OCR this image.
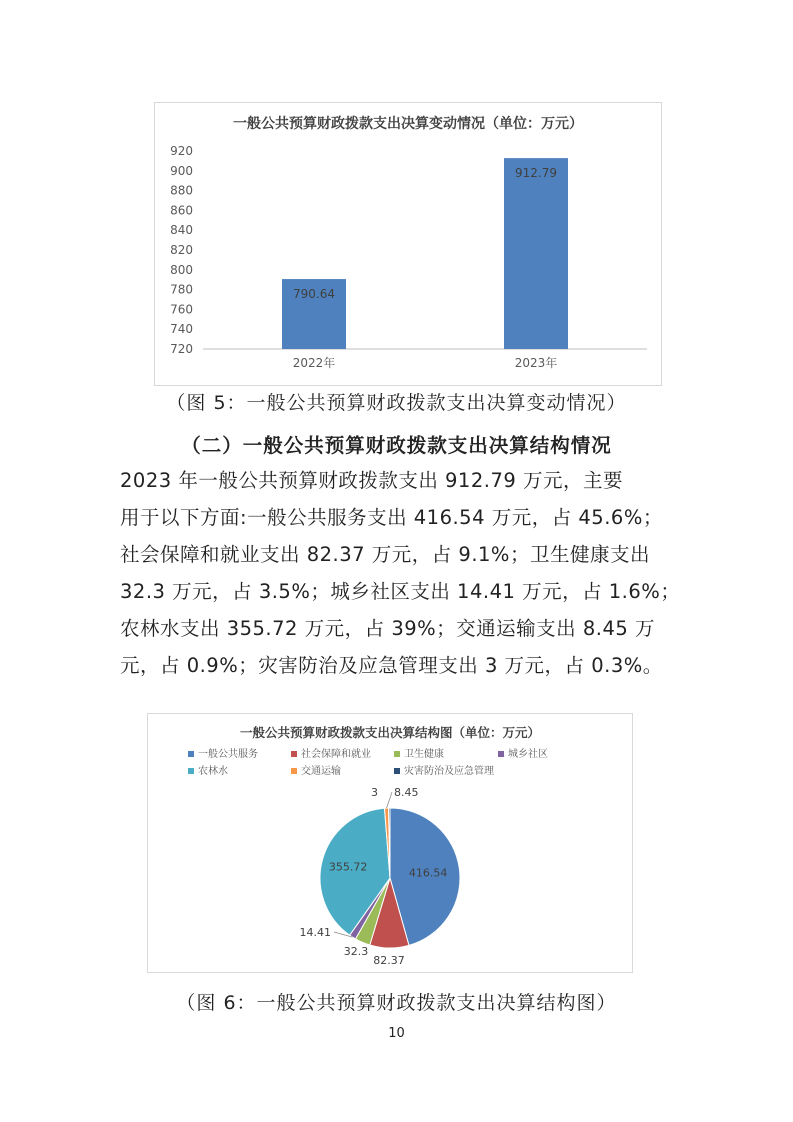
一般公共预算财政拨款支出决算变动情况（单位：万元）
720
740
760
780
800
820
840
860
880
900
920
790.64
2022年
912.79
2023年
（图 5：一般公共预算财政拨款支出决算变动情况）
（二）一般公共预算财政拨款支出决算结构情况

2023 年一般公共预算财政拨款支出 912.79 万元，主要

用于以下方面:一般公共服务支出 416.54 万元，占 45.6%；

社会保障和就业支出 82.37 万元，占 9.1%；卫生健康支出

32.3 万元，占 3.5%；城乡社区支出 14.41 万元，占 1.6%；

农林水支出 355.72 万元，占 39%；交通运输支出 8.45 万

元，占 0.9%；灾害防治及应急管理支出 3 万元，占 0.3%。

一般公共预算财政拨款支出决算结构图（单位：万元）
一般公共服务	社会保障和就业	卫生健康	城乡社区
农林水	交通运输	灾害防治及应急管理
416.54
355.72
82.37
32.3
14.41
8.45
3
（图 6：一般公共预算财政拨款支出决算结构图）
10
